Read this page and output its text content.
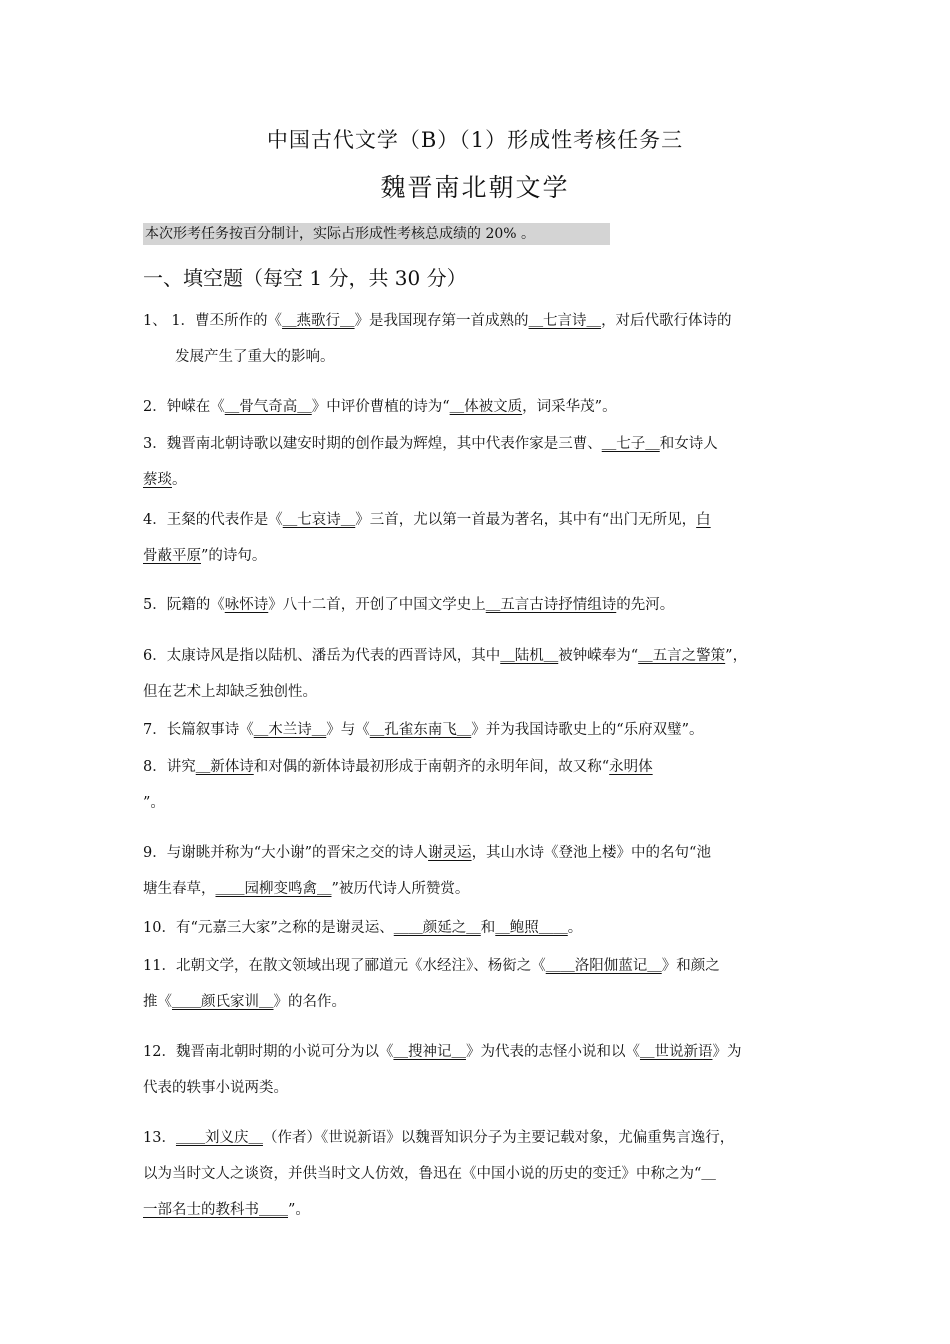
中国古代文学（B）（1）形成性考核任务三
魏晋南北朝文学
本次形考任务按百分制计，实际占形成性考核总成绩的 20% 。
一、填空题（每空 1 分，共 30 分）
1、 1．曹丕所作的《＿燕歌行＿》是我国现存第一首成熟的＿七言诗＿，对后代歌行体诗的
发展产生了重大的影响。
2．钟嵘在《＿骨气奇高＿》中评价曹植的诗为“＿体被文质，词采华茂”。
3．魏晋南北朝诗歌以建安时期的创作最为辉煌，其中代表作家是三曹、＿七子＿和女诗人
蔡琰。
4．王粲的代表作是《＿七哀诗＿》三首，尤以第一首最为著名，其中有“出门无所见，白
骨蔽平原”的诗句。
5．阮籍的《咏怀诗》八十二首，开创了中国文学史上＿五言古诗抒情组诗的先河。
6．太康诗风是指以陆机、潘岳为代表的西晋诗风，其中＿陆机＿被钟嵘奉为“＿五言之警策”，
但在艺术上却缺乏独创性。
7．长篇叙事诗《＿木兰诗＿》与《＿孔雀东南飞＿》并为我国诗歌史上的“乐府双璧”。
8．讲究＿新体诗和对偶的新体诗最初形成于南朝齐的永明年间，故又称“永明体
”。
9．与谢眺并称为“大小谢”的晋宋之交的诗人谢灵运，其山水诗《登池上楼》中的名句“池
塘生春草，＿＿园柳变鸣禽＿”被历代诗人所赞赏。
10．有“元嘉三大家”之称的是谢灵运、＿＿颜延之＿和＿鲍照＿＿。
11．北朝文学，在散文领域出现了郦道元《水经注》、杨衒之《＿＿洛阳伽蓝记＿》和颜之
推《＿＿颜氏家训＿》的名作。
12．魏晋南北朝时期的小说可分为以《＿搜神记＿》为代表的志怪小说和以《＿世说新语》为
代表的轶事小说两类。
13．＿＿刘义庆＿（作者）《世说新语》以魏晋知识分子为主要记载对象，尤偏重隽言逸行，
以为当时文人之谈资，并供当时文人仿效，鲁迅在《中国小说的历史的变迁》中称之为“＿
一部名士的教科书＿＿”。
